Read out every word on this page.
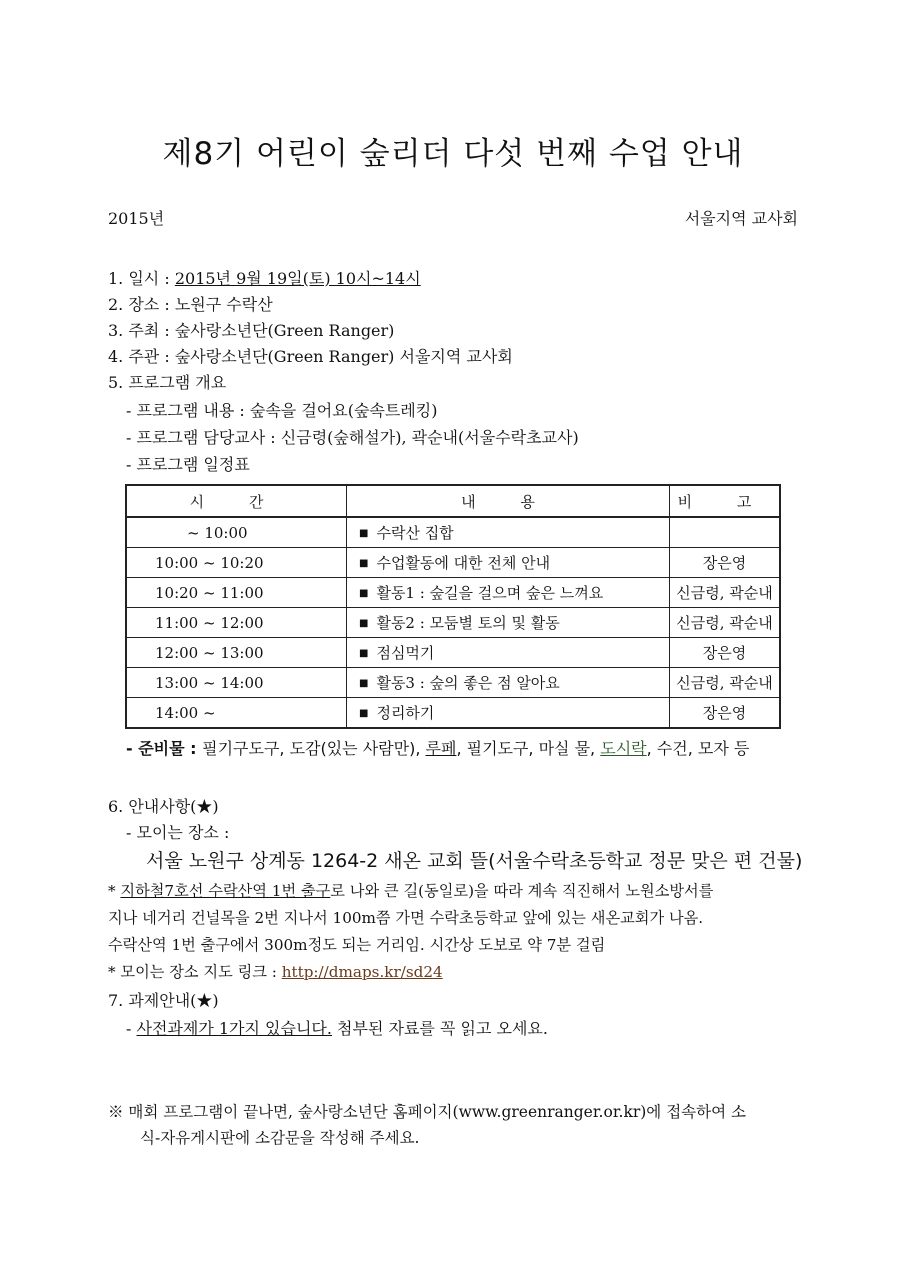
제8기 어린이 숲리더 다섯 번째 수업 안내
2015년	서울지역 교사회
1. 일시 : 2015년 9월 19일(토) 10시~14시
2. 장소 : 노원구 수락산
3. 주최 : 숲사랑소년단(Green Ranger)
4. 주관 : 숲사랑소년단(Green Ranger) 서울지역 교사회
5. 프로그램 개요
- 프로그램 내용 : 숲속을 걸어요(숲속트레킹)
- 프로그램 담당교사 : 신금령(숲해설가), 곽순내(서울수락초교사)
- 프로그램 일정표
시 간	내 용	비 고
~ 10:00	■ 수락산 집합	
10:00 ~ 10:20	■ 수업활동에 대한 전체 안내	장은영
10:20 ~ 11:00	■ 활동1 : 숲길을 걸으며 숲은 느껴요	신금령, 곽순내
11:00 ~ 12:00	■ 활동2 : 모둠별 토의 및 활동	신금령, 곽순내
12:00 ~ 13:00	■ 점심먹기	장은영
13:00 ~ 14:00	■ 활동3 : 숲의 좋은 점 알아요	신금령, 곽순내
14:00 ~	■ 정리하기	장은영
- 준비물 : 필기구도구, 도감(있는 사람만), 루페, 필기도구, 마실 물, 도시락, 수건, 모자 등
6. 안내사항(★)
- 모이는 장소 :
서울 노원구 상계동 1264-2 새온 교회 뜰(서울수락초등학교 정문 맞은 편 건물)
* 지하철7호선 수락산역 1번 출구로 나와 큰 길(동일로)을 따라 계속 직진해서 노원소방서를
지나 네거리 건널목을 2번 지나서 100m쯤 가면 수락초등학교 앞에 있는 새온교회가 나옴.
수락산역 1번 출구에서 300m정도 되는 거리임. 시간상 도보로 약 7분 걸림
* 모이는 장소 지도 링크 : http://dmaps.kr/sd24
7. 과제안내(★)
- 사전과제가 1가지 있습니다. 첨부된 자료를 꼭 읽고 오세요.
※ 매회 프로그램이 끝나면, 숲사랑소년단 홈페이지(www.greenranger.or.kr)에 접속하여 소
식-자유게시판에 소감문을 작성해 주세요.
